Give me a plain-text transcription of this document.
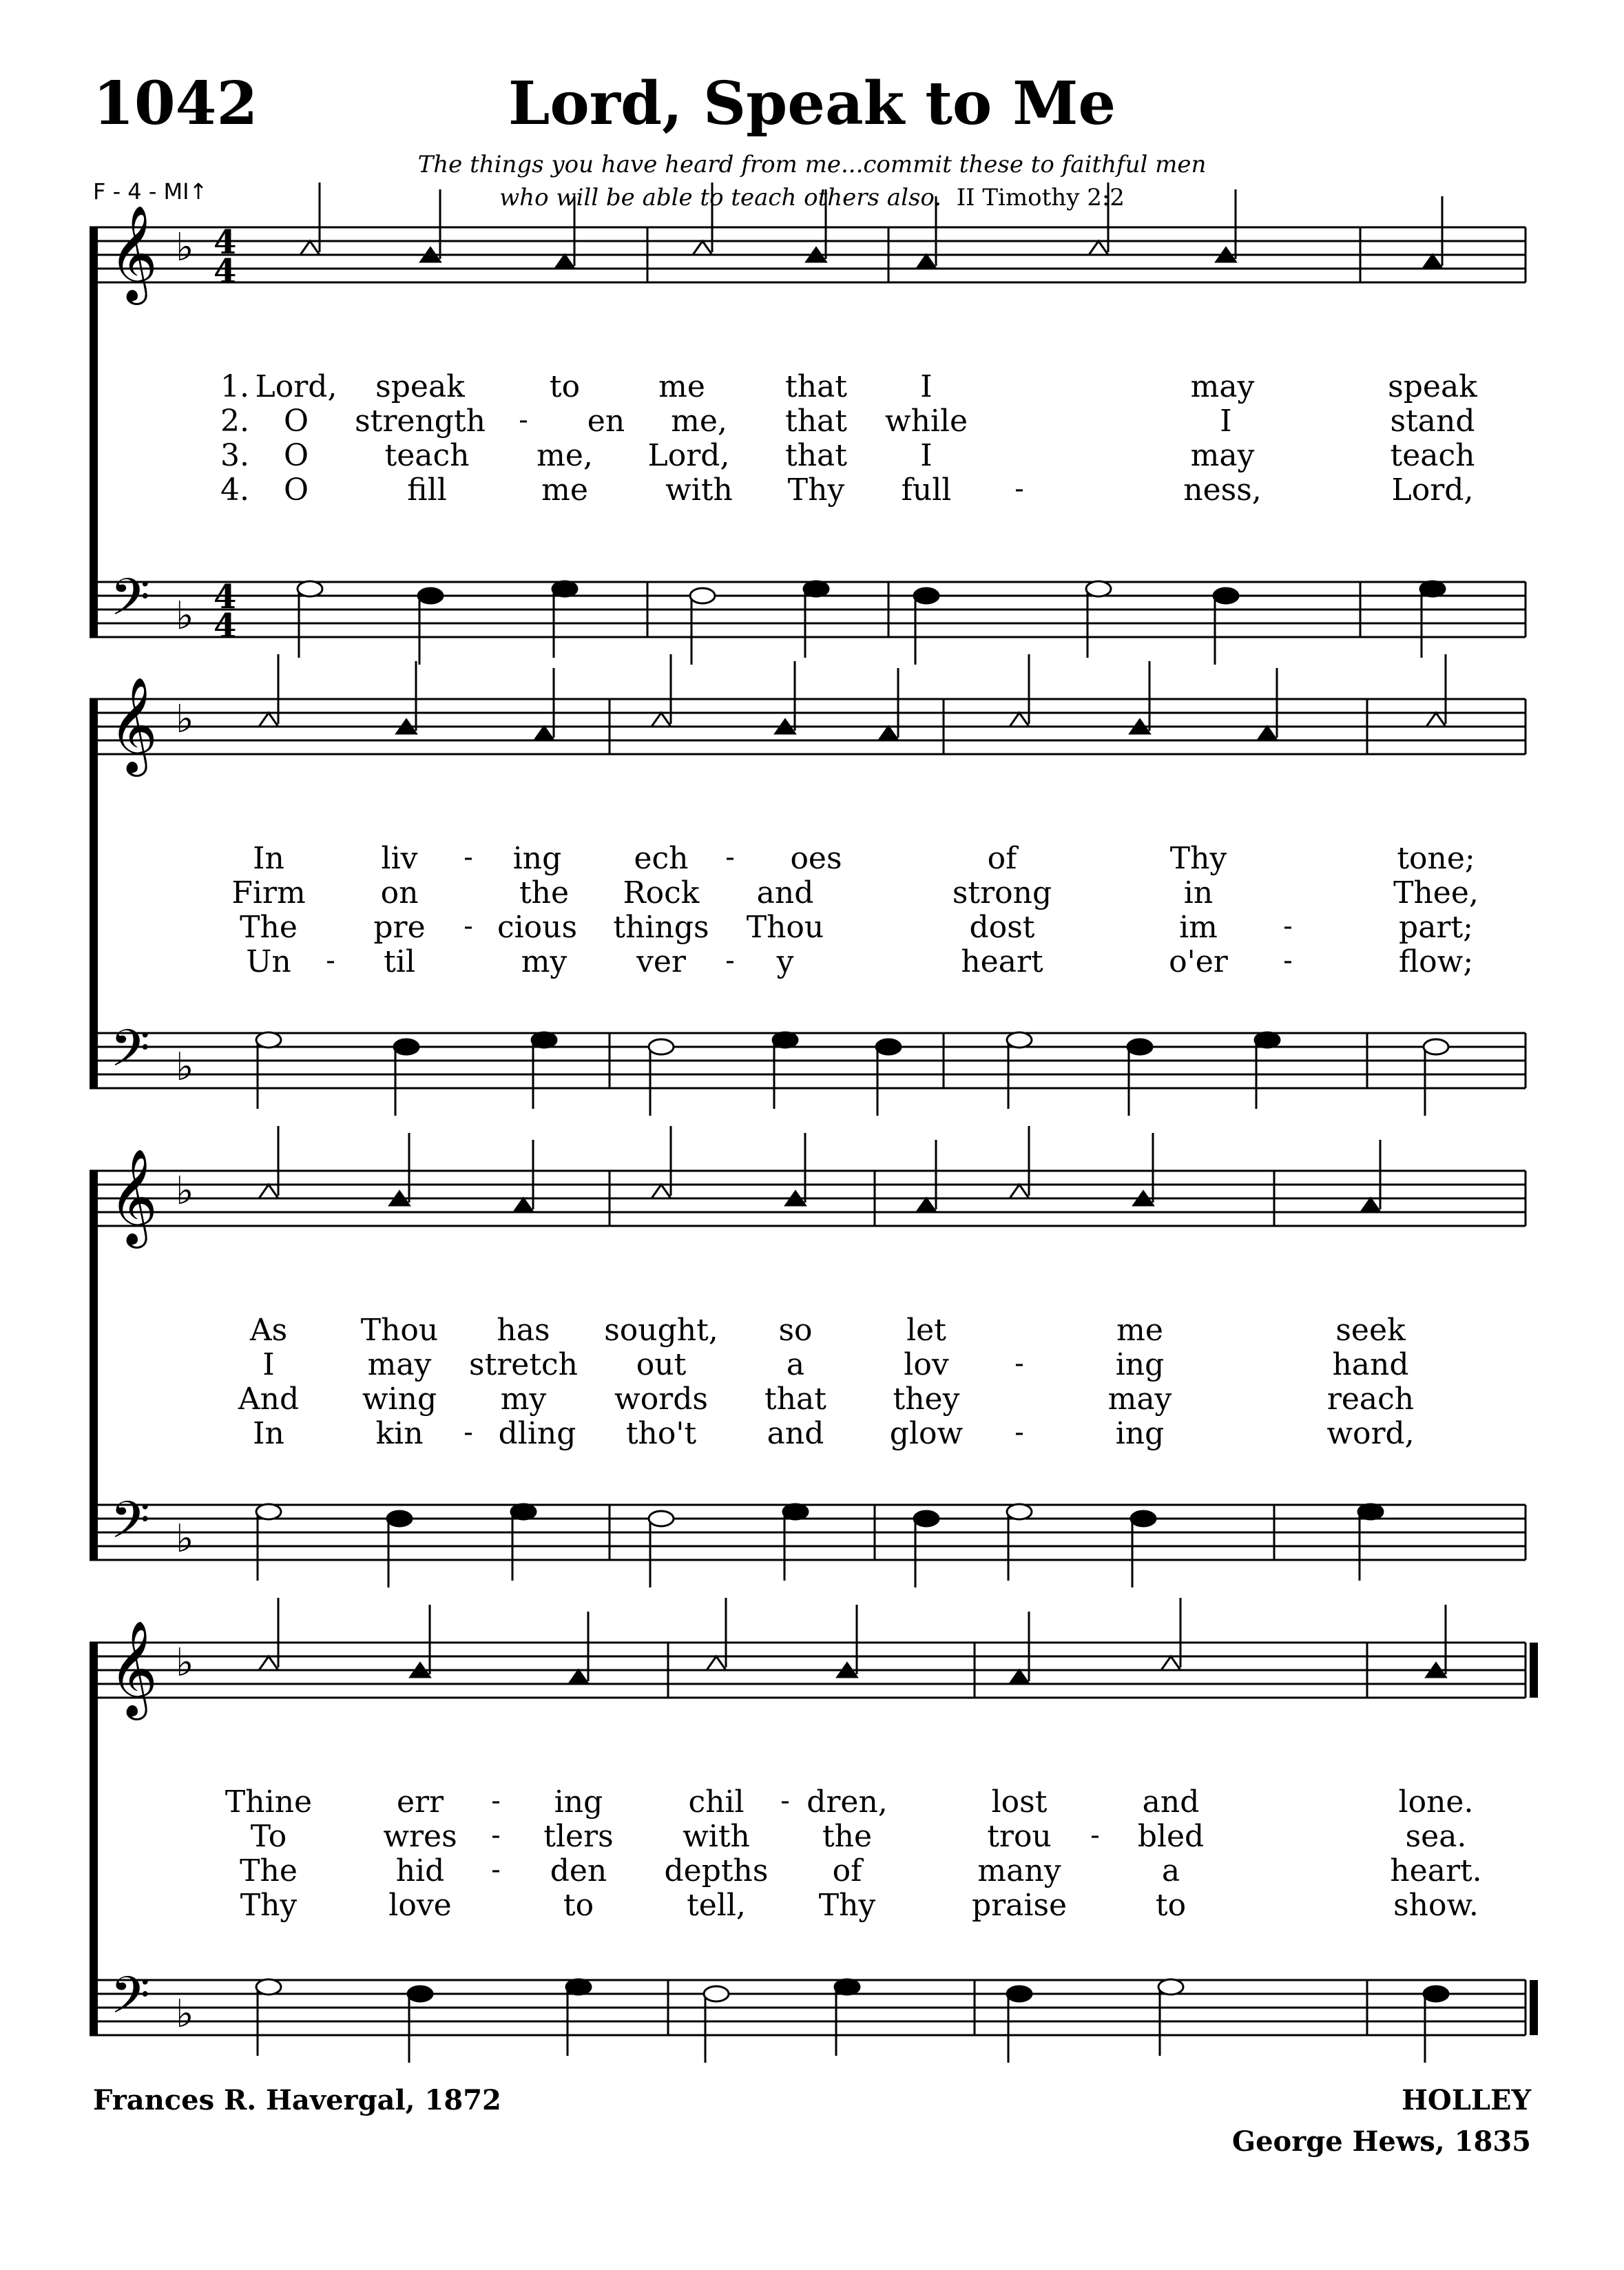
1042	Lord, Speak to Me
The things you have heard from me...commit these to faithful men
who will be able to teach others also. II Timothy 2:2
F - 4 - MI↑
𝄞
𝄢
♭
♭
4
4
4
4
𝄞
𝄢
♭
♭
𝄞
𝄢
♭
♭
𝄞
𝄢
♭
♭
1. Lord, speak	to	me	that I	may	speak
2. O strength - en me, that while	I	stand
3. O	teach me, Lord, that I	may	teach
4. O	fill	me	with Thy full -	ness,	Lord,
In	liv - ing ech - oes	of	Thy	tone;
Firm on	the Rock and	strong	in	Thee,
The	pre - cious things Thou	dost	im -	part;
Un - til	my ver - y	heart	o'er -	flow;
As Thou has sought, so	let	me	seek
I	may stretch out	a	lov -	ing	hand
And wing my words that they	may	reach
In	kin - dling tho't and glow -	ing	word,
Thine	err - ing	chil - dren,	lost	and	lone.
To	wres - tlers with the	trou - bled	sea.
The	hid - den depths of	many	a	heart.
Thy	love	to	tell, Thy	praise	to	show.
Frances R. Havergal, 1872	HOLLEY
George Hews, 1835
